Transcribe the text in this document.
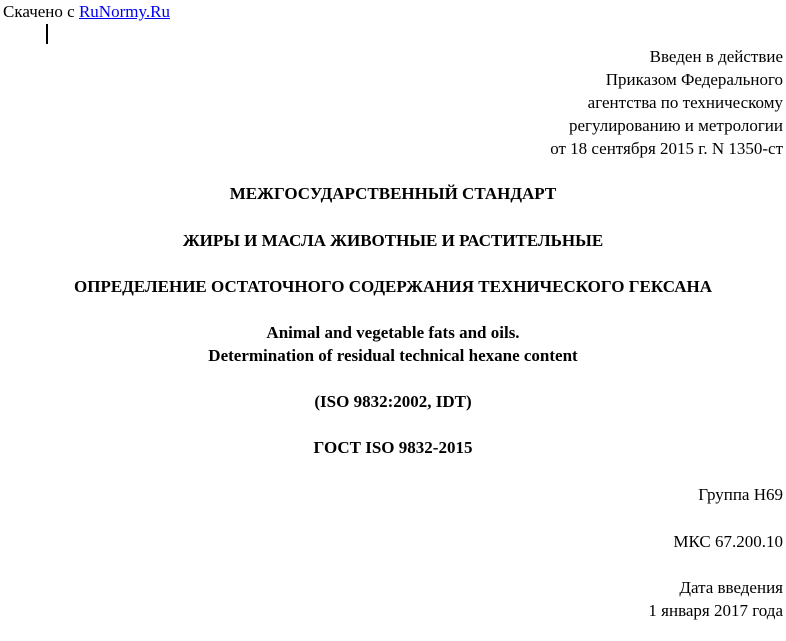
Скачено с RuNormy.Ru
Введен в действие
Приказом Федерального
агентства по техническому
регулированию и метрологии
от 18 сентября 2015 г. N 1350-ст
МЕЖГОСУДАРСТВЕННЫЙ СТАНДАРТ
ЖИРЫ И МАСЛА ЖИВОТНЫЕ И РАСТИТЕЛЬНЫЕ
ОПРЕДЕЛЕНИЕ ОСТАТОЧНОГО СОДЕРЖАНИЯ ТЕХНИЧЕСКОГО ГЕКСАНА
Animal and vegetable fats and oils.
Determination of residual technical hexane content
(ISO 9832:2002, IDT)
ГОСТ ISO 9832-2015
Группа Н69
МКС 67.200.10
Дата введения
1 января 2017 года
